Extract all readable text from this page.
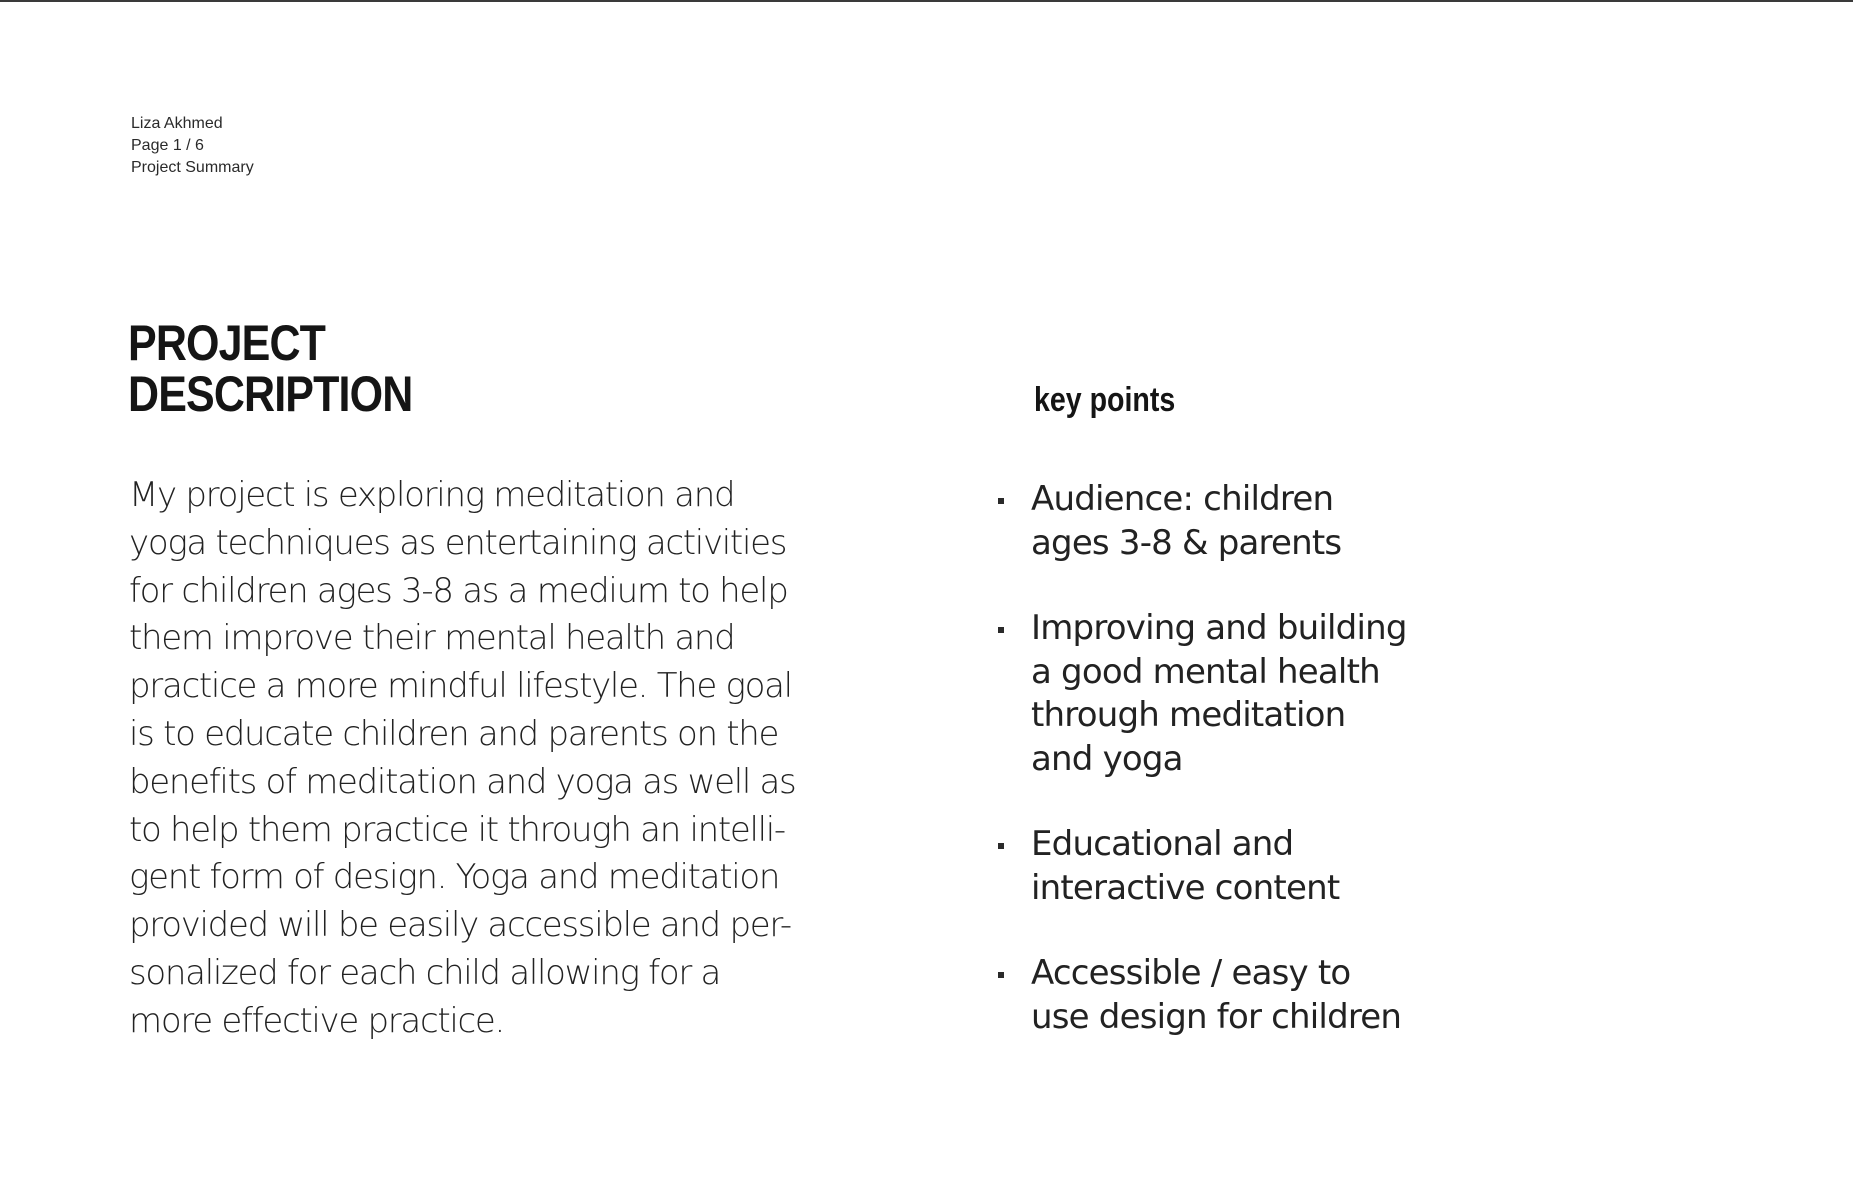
Liza Akhmed
Page 1 / 6
Project Summary
PROJECT
DESCRIPTION

My project is exploring meditation and
yoga techniques as entertaining activities
for children ages 3-8 as a medium to help
them improve their mental health and
practice a more mindful lifestyle. The goal
is to educate children and parents on the
benefits of meditation and yoga as well as
to help them practice it through an intelli-
gent form of design. Yoga and meditation
provided will be easily accessible and per-
sonalized for each child allowing for a
more effective practice.

key points
Audience: children
ages 3-8 & parents
Improving and building
a good mental health
through meditation
and yoga
Educational and
interactive content
Accessible / easy to
use design for children
